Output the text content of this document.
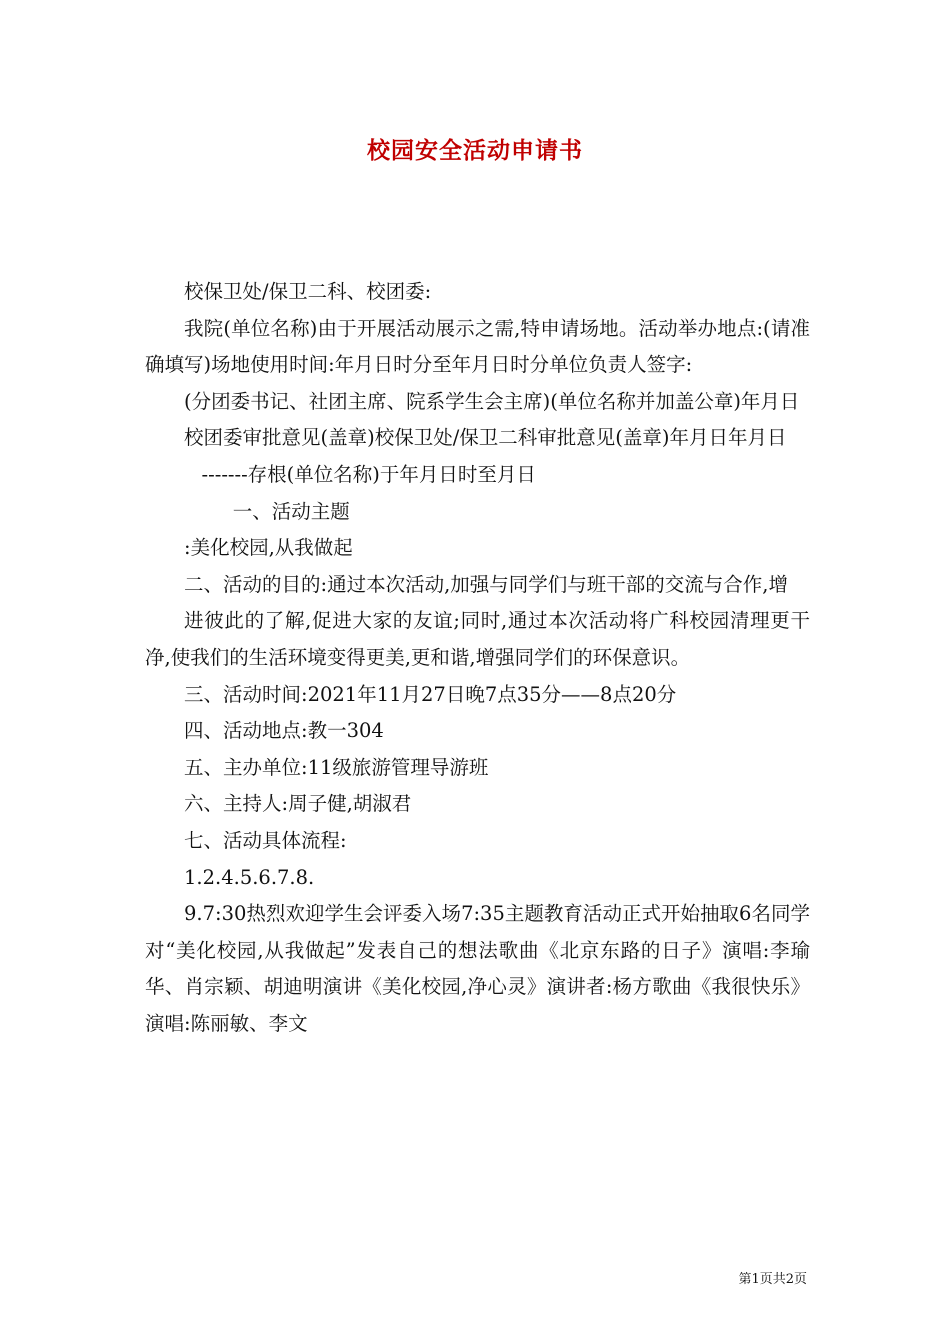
校园安全活动申请书

校保卫处/保卫二科、校团委:

我院(单位名称)由于开展活动展示之需,特申请场地。活动举办地点:(请准确填写)场地使用时间:年月日时分至年月日时分单位负责人签字:

(分团委书记、社团主席、院系学生会主席)(单位名称并加盖公章)年月日

校团委审批意见(盖章)校保卫处/保卫二科审批意见(盖章)年月日年月日

-------存根(单位名称)于年月日时至月日

一、活动主题

:美化校园,从我做起

二、活动的目的:通过本次活动,加强与同学们与班干部的交流与合作,增

进彼此的了解,促进大家的友谊;同时,通过本次活动将广科校园清理更干净,使我们的生活环境变得更美,更和谐,增强同学们的环保意识。

三、活动时间:2021年11月27日晚7点35分——8点20分

四、活动地点:教一304

五、主办单位:11级旅游管理导游班

六、主持人:周子健,胡淑君

七、活动具体流程:

1.2.4.5.6.7.8.

9.7:30热烈欢迎学生会评委入场7:35主题教育活动正式开始抽取6名同学对“美化校园,从我做起”发表自己的想法歌曲《北京东路的日子》演唱:李瑜华、肖宗颖、胡迪明演讲《美化校园,净心灵》演讲者:杨方歌曲《我很快乐》演唱:陈丽敏、李文

第1页共2页
